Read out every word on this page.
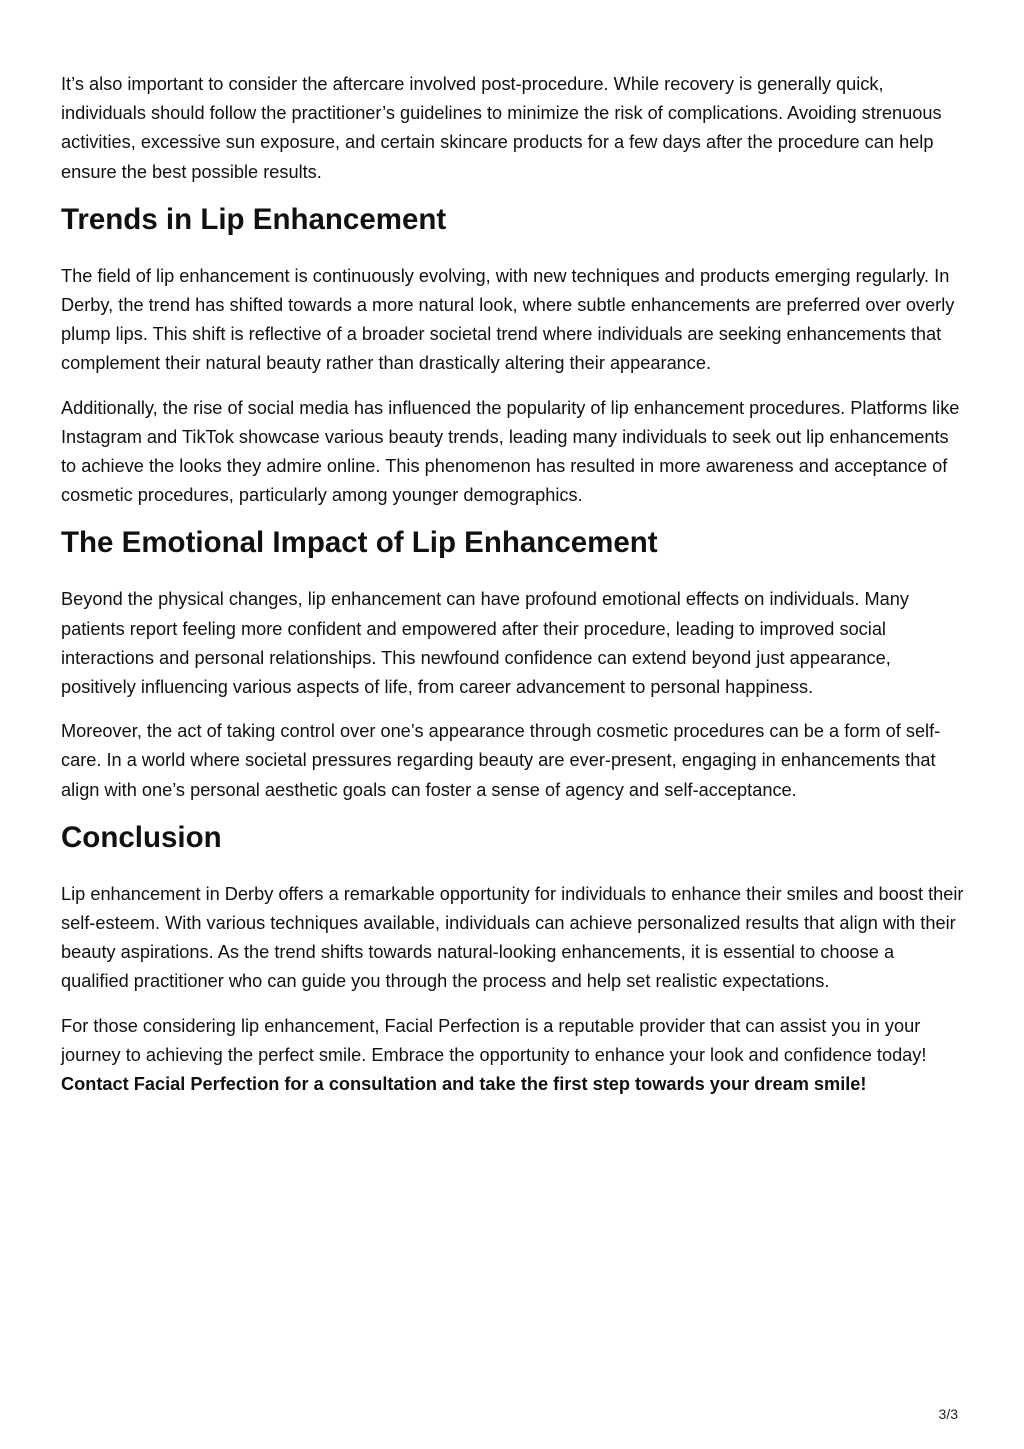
It’s also important to consider the aftercare involved post-procedure. While recovery is generally quick, individuals should follow the practitioner’s guidelines to minimize the risk of complications. Avoiding strenuous activities, excessive sun exposure, and certain skincare products for a few days after the procedure can help ensure the best possible results.

Trends in Lip Enhancement

The field of lip enhancement is continuously evolving, with new techniques and products emerging regularly. In Derby, the trend has shifted towards a more natural look, where subtle enhancements are preferred over overly plump lips. This shift is reflective of a broader societal trend where individuals are seeking enhancements that complement their natural beauty rather than drastically altering their appearance.

Additionally, the rise of social media has influenced the popularity of lip enhancement procedures. Platforms like Instagram and TikTok showcase various beauty trends, leading many individuals to seek out lip enhancements to achieve the looks they admire online. This phenomenon has resulted in more awareness and acceptance of cosmetic procedures, particularly among younger demographics.

The Emotional Impact of Lip Enhancement

Beyond the physical changes, lip enhancement can have profound emotional effects on individuals. Many patients report feeling more confident and empowered after their procedure, leading to improved social interactions and personal relationships. This newfound confidence can extend beyond just appearance, positively influencing various aspects of life, from career advancement to personal happiness.

Moreover, the act of taking control over one’s appearance through cosmetic procedures can be a form of self-care. In a world where societal pressures regarding beauty are ever-present, engaging in enhancements that align with one’s personal aesthetic goals can foster a sense of agency and self-acceptance.

Conclusion

Lip enhancement in Derby offers a remarkable opportunity for individuals to enhance their smiles and boost their self-esteem. With various techniques available, individuals can achieve personalized results that align with their beauty aspirations. As the trend shifts towards natural-looking enhancements, it is essential to choose a qualified practitioner who can guide you through the process and help set realistic expectations.

For those considering lip enhancement, Facial Perfection is a reputable provider that can assist you in your journey to achieving the perfect smile. Embrace the opportunity to enhance your look and confidence today! Contact Facial Perfection for a consultation and take the first step towards your dream smile!

3/3
